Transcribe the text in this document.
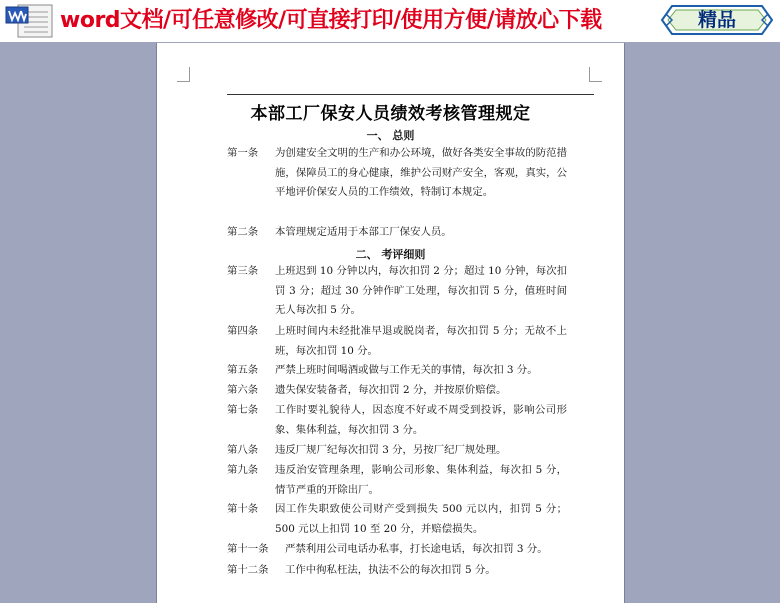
word文档/可任意修改/可直接打印/使用方便/请放心下载	精品
本部工厂保安人员绩效考核管理规定
一、 总则
第一条 为创建安全文明的生产和办公环境，做好各类安全事故的防范措施，保障员工的身心健康，维护公司财产安全，客观，真实，公平地评价保安人员的工作绩效，特制订本规定。
第二条 本管理规定适用于本部工厂保安人员。
二、 考评细则
第三条 上班迟到 10 分钟以内，每次扣罚 2 分；超过 10 分钟，每次扣罚 3 分；超过 30 分钟作旷工处理，每次扣罚 5 分，值班时间无人每次扣 5 分。
第四条 上班时间内未经批准早退或脱岗者，每次扣罚 5 分；无故不上班，每次扣罚 10 分。
第五条 严禁上班时间喝酒或做与工作无关的事情，每次扣 3 分。
第六条 遗失保安装备者，每次扣罚 2 分，并按原价赔偿。
第七条 工作时要礼貌待人，因态度不好或不周受到投诉，影响公司形象、集体利益，每次扣罚 3 分。
第八条 违反厂规厂纪每次扣罚 3 分，另按厂纪厂规处理。
第九条 违反治安管理条理，影响公司形象、集体利益，每次扣 5 分，情节严重的开除出厂。
第十条 因工作失职致使公司财产受到损失 500 元以内，扣罚 5 分；500 元以上扣罚 10 至 20 分，并赔偿损失。
第十一条 严禁利用公司电话办私事，打长途电话，每次扣罚 3 分。
第十二条 工作中徇私枉法，执法不公的每次扣罚 5 分。
